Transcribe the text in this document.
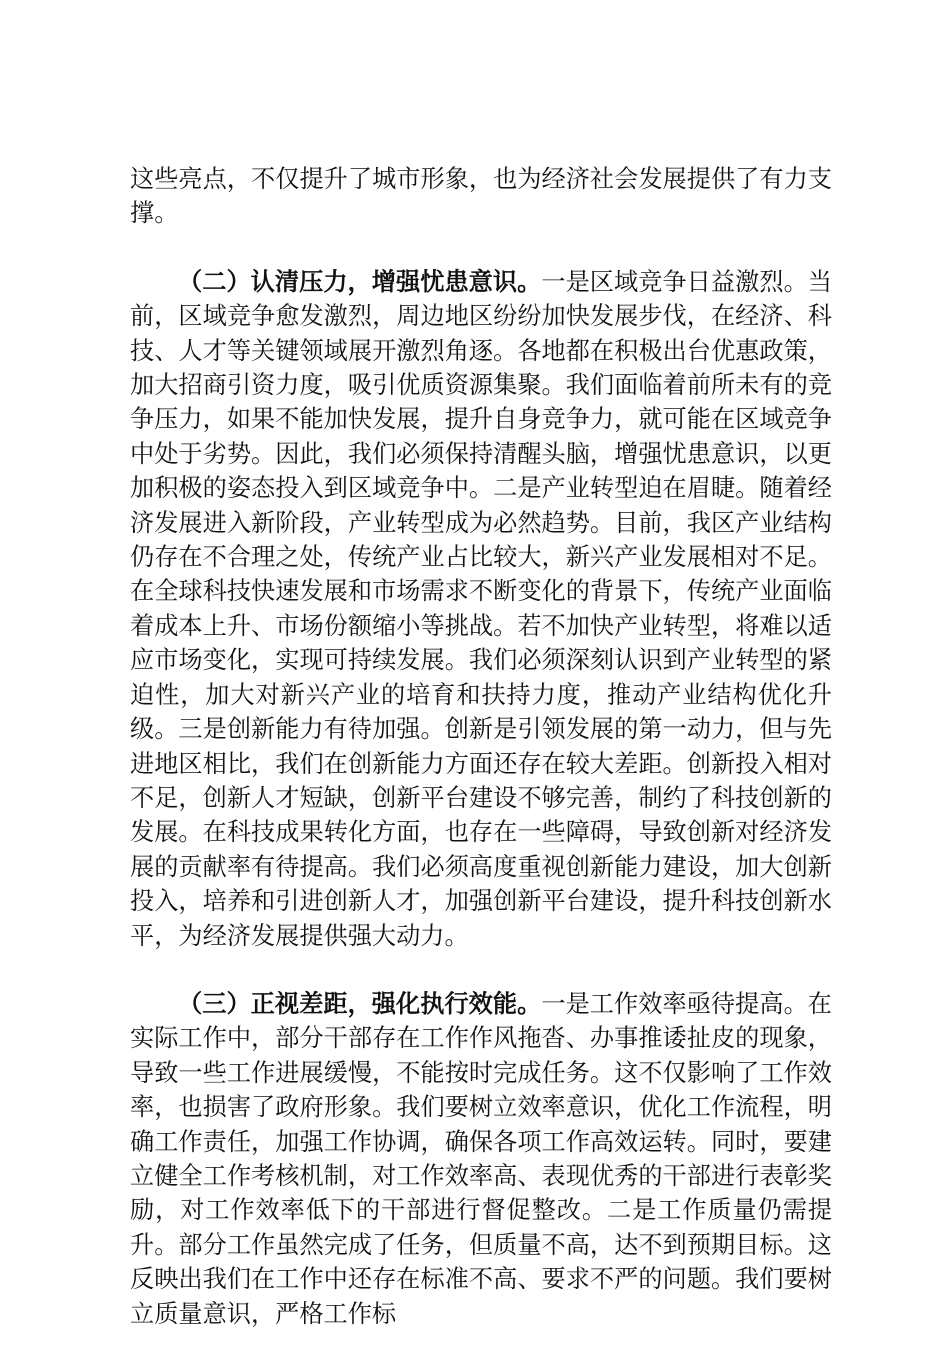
这些亮点，不仅提升了城市形象，也为经济社会发展提供了有力支撑。

（二）认清压力，增强忧患意识。一是区域竞争日益激烈。当前，区域竞争愈发激烈，周边地区纷纷加快发展步伐，在经济、科技、人才等关键领域展开激烈角逐。各地都在积极出台优惠政策，加大招商引资力度，吸引优质资源集聚。我们面临着前所未有的竞争压力，如果不能加快发展，提升自身竞争力，就可能在区域竞争中处于劣势。因此，我们必须保持清醒头脑，增强忧患意识，以更加积极的姿态投入到区域竞争中。二是产业转型迫在眉睫。随着经济发展进入新阶段，产业转型成为必然趋势。目前，我区产业结构仍存在不合理之处，传统产业占比较大，新兴产业发展相对不足。在全球科技快速发展和市场需求不断变化的背景下，传统产业面临着成本上升、市场份额缩小等挑战。若不加快产业转型，将难以适应市场变化，实现可持续发展。我们必须深刻认识到产业转型的紧迫性，加大对新兴产业的培育和扶持力度，推动产业结构优化升级。三是创新能力有待加强。创新是引领发展的第一动力，但与先进地区相比，我们在创新能力方面还存在较大差距。创新投入相对不足，创新人才短缺，创新平台建设不够完善，制约了科技创新的发展。在科技成果转化方面，也存在一些障碍，导致创新对经济发展的贡献率有待提高。我们必须高度重视创新能力建设，加大创新投入，培养和引进创新人才，加强创新平台建设，提升科技创新水平，为经济发展提供强大动力。

（三）正视差距，强化执行效能。一是工作效率亟待提高。在实际工作中，部分干部存在工作作风拖沓、办事推诿扯皮的现象，导致一些工作进展缓慢，不能按时完成任务。这不仅影响了工作效率，也损害了政府形象。我们要树立效率意识，优化工作流程，明确工作责任，加强工作协调，确保各项工作高效运转。同时，要建立健全工作考核机制，对工作效率高、表现优秀的干部进行表彰奖励，对工作效率低下的干部进行督促整改。二是工作质量仍需提升。部分工作虽然完成了任务，但质量不高，达不到预期目标。这反映出我们在工作中还存在标准不高、要求不严的问题。我们要树立质量意识，严格工作标
